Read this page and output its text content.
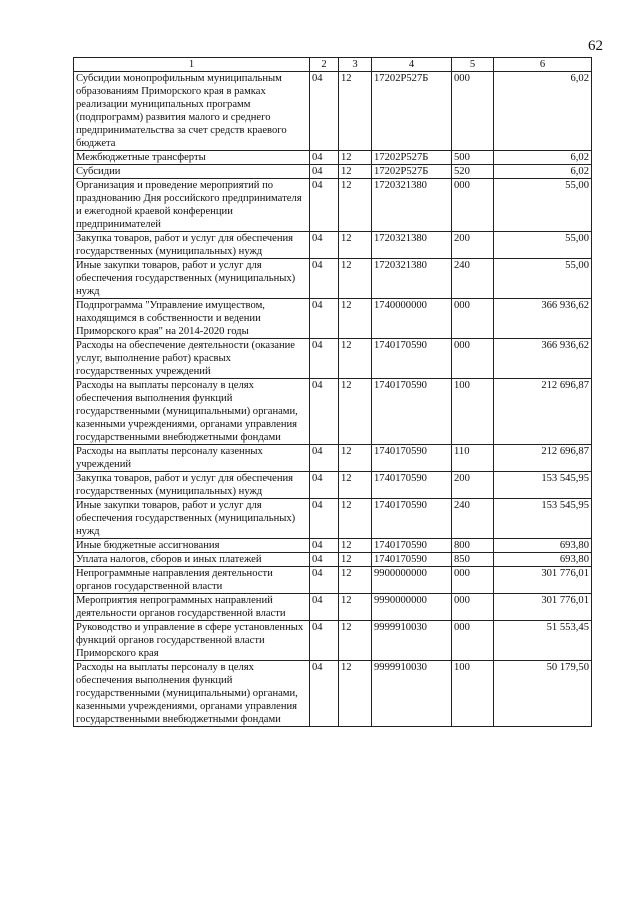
62
1	2	3	4	5	6
Субсидии монопрофильным муниципальным образованиям Приморского края в рамках реализации муниципальных программ (подпрограмм) развития малого и среднего предпринимательства за счет средств краевого бюджета	04	12	17202Р527Б	000	6,02
Межбюджетные трансферты	04	12	17202Р527Б	500	6,02
Субсидии	04	12	17202Р527Б	520	6,02
Организация и проведение мероприятий по празднованию Дня российского предпринимателя и ежегодной краевой конференции предпринимателей	04	12	1720321380	000	55,00
Закупка товаров, работ и услуг для обеспечения государственных (муниципальных) нужд	04	12	1720321380	200	55,00
Иные закупки товаров, работ и услуг для обеспечения государственных (муниципальных) нужд	04	12	1720321380	240	55,00
Подпрограмма "Управление имуществом, находящимся в собственности и ведении Приморского края" на 2014-2020 годы	04	12	1740000000	000	366 936,62
Расходы на обеспечение деятельности (оказание услуг, выполнение работ) красвых государственных учреждений	04	12	1740170590	000	366 936,62
Расходы на выплаты персоналу в целях обеспечения выполнения функций государственными (муниципальными) органами, казенными учреждениями, органами управления государственными внебюджетными фондами	04	12	1740170590	100	212 696,87
Расходы на выплаты персоналу казенных учреждений	04	12	1740170590	110	212 696,87
Закупка товаров, работ и услуг для обеспечения государственных (муниципальных) нужд	04	12	1740170590	200	153 545,95
Иные закупки товаров, работ и услуг для обеспечения государственных (муниципальных) нужд	04	12	1740170590	240	153 545,95
Иные бюджетные ассигнования	04	12	1740170590	800	693,80
Уплата налогов, сборов и иных платежей	04	12	1740170590	850	693,80
Непрограммные направления деятельности органов государственной власти	04	12	9900000000	000	301 776,01
Мероприятия непрограммных направлений деятельности органов государственной власти	04	12	9990000000	000	301 776,01
Руководство и управление в сфере установленных функций органов государственной власти Приморского края	04	12	9999910030	000	51 553,45
Расходы на выплаты персоналу в целях обеспечения выполнения функций государственными (муниципальными) органами, казенными учреждениями, органами управления государственными внебюджетными фондами	04	12	9999910030	100	50 179,50
